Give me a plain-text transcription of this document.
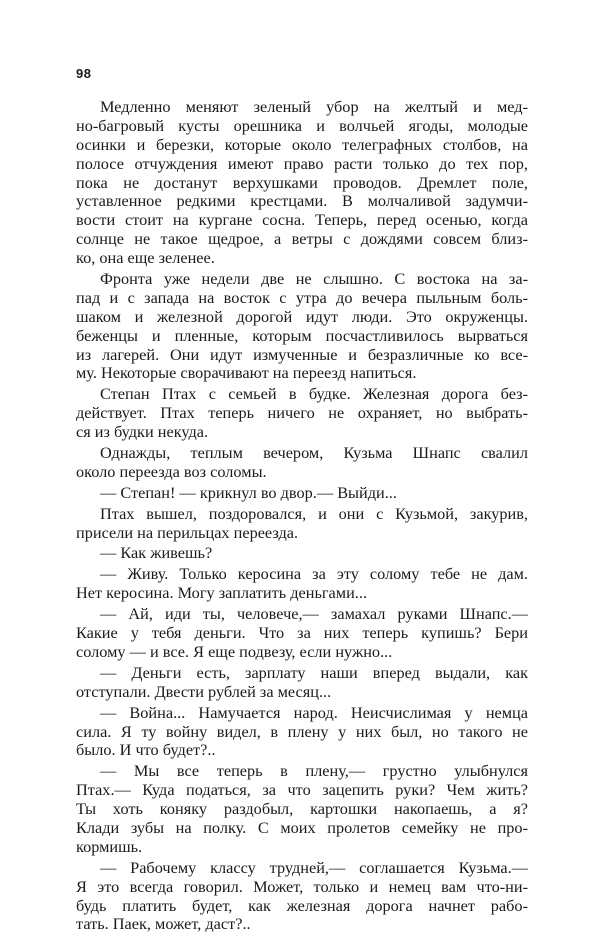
98
Медленно меняют зеленый убор на желтый и мед-
но-багровый кусты орешника и волчьей ягоды, молодые
осинки и березки, которые около телеграфных столбов, на
полосе отчуждения имеют право расти только до тех пор,
пока не достанут верхушками проводов. Дремлет поле,
уставленное редкими крестцами. В молчаливой задумчи-
вости стоит на кургане сосна. Теперь, перед осенью, когда
солнце не такое щедрое, а ветры с дождями совсем близ-
ко, она еще зеленее.
Фронта уже недели две не слышно. С востока на за-
пад и с запада на восток с утра до вечера пыльным боль-
шаком и железной дорогой идут люди. Это окруженцы.
беженцы и пленные, которым посчастливилось вырваться
из лагерей. Они идут измученные и безразличные ко все-
му. Некоторые сворачивают на переезд напиться.
Степан Птах с семьей в будке. Железная дорога без-
действует. Птах теперь ничего не охраняет, но выбрать-
ся из будки некуда.
Однажды, теплым вечером, Кузьма Шнапс свалил
около переезда воз соломы.
— Степан! — крикнул во двор.— Выйди...
Птах вышел, поздоровался, и они с Кузьмой, закурив,
присели на перильцах переезда.
— Как живешь?
— Живу. Только керосина за эту солому тебе не дам.
Нет керосина. Могу заплатить деньгами...
— Ай, иди ты, человече,— замахал руками Шнапс.—
Какие у тебя деньги. Что за них теперь купишь? Бери
солому — и все. Я еще подвезу, если нужно...
— Деньги есть, зарплату наши вперед выдали, как
отступали. Двести рублей за месяц...
— Война... Намучается народ. Неисчислимая у немца
сила. Я ту войну видел, в плену у них был, но такого не
было. И что будет?..
— Мы все теперь в плену,— грустно улыбнулся
Птах.— Куда податься, за что зацепить руки? Чем жить?
Ты хоть коняку раздобыл, картошки накопаешь, а я?
Клади зубы на полку. С моих пролетов семейку не про-
кормишь.
— Рабочему классу трудней,— соглашается Кузьма.—
Я это всегда говорил. Может, только и немец вам что-ни-
будь платить будет, как железная дорога начнет рабо-
тать. Паек, может, даст?..
